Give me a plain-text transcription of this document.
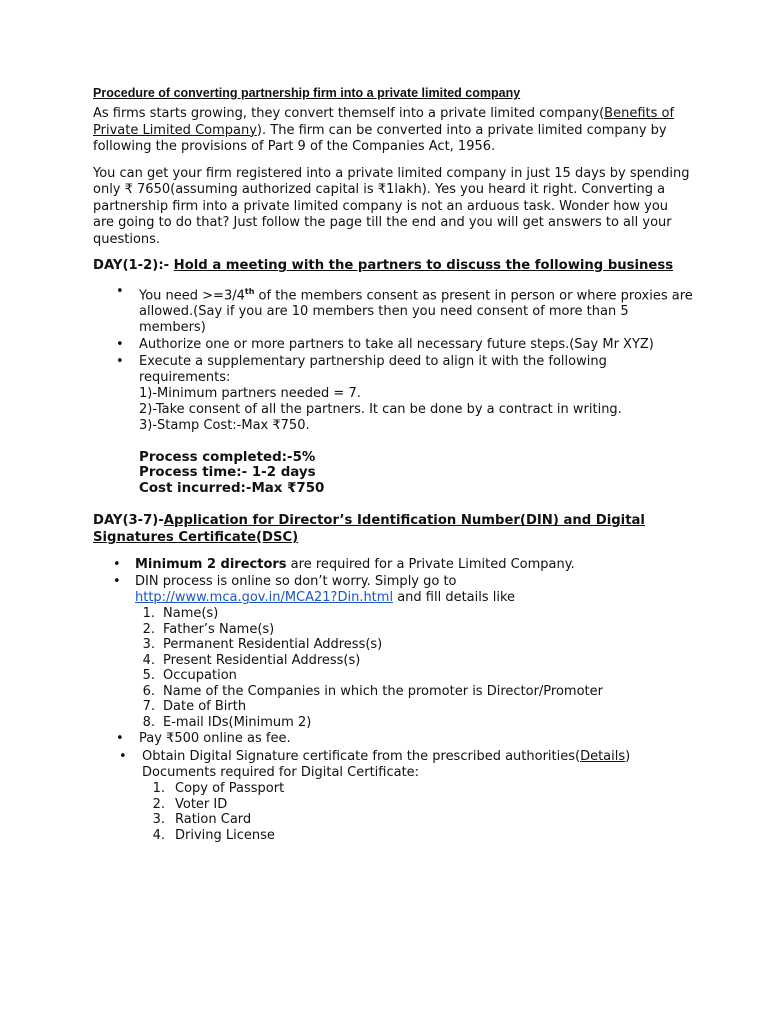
Procedure of converting partnership firm into a private limited company

As firms starts growing, they convert themself into a private limited company(Benefits of Private Limited Company). The firm can be converted into a private limited company by following the provisions of Part 9 of the Companies Act, 1956.

You can get your firm registered into a private limited company in just 15 days by spending only ₹ 7650(assuming authorized capital is ₹1lakh). Yes you heard it right. Converting a partnership firm into a private limited company is not an arduous task. Wonder how you are going to do that? Just follow the page till the end and you will get answers to all your questions.

DAY(1-2):- Hold a meeting with the partners to discuss the following business
• You need >=3/4th of the members consent as present in person or where proxies are allowed.(Say if you are 10 members then you need consent of more than 5 members)
• Authorize one or more partners to take all necessary future steps.(Say Mr XYZ)
• Execute a supplementary partnership deed to align it with the following requirements:
1)-Minimum partners needed = 7.
2)-Take consent of all the partners. It can be done by a contract in writing.
3)-Stamp Cost:-Max ₹750.
Process completed:-5%
Process time:- 1-2 days
Cost incurred:-Max ₹750
DAY(3-7)-Application for Director’s Identification Number(DIN) and Digital Signatures Certificate(DSC)
• Minimum 2 directors are required for a Private Limited Company.
• DIN process is online so don’t worry. Simply go to
http://www.mca.gov.in/MCA21?Din.html and fill details like
1. Name(s)
2. Father’s Name(s)
3. Permanent Residential Address(s)
4. Present Residential Address(s)
5. Occupation
6. Name of the Companies in which the promoter is Director/Promoter
7. Date of Birth
8. E-mail IDs(Minimum 2)
• Pay ₹500 online as fee.
• Obtain Digital Signature certificate from the prescribed authorities(Details)
Documents required for Digital Certificate:
1. Copy of Passport
2. Voter ID
3. Ration Card
4. Driving License
